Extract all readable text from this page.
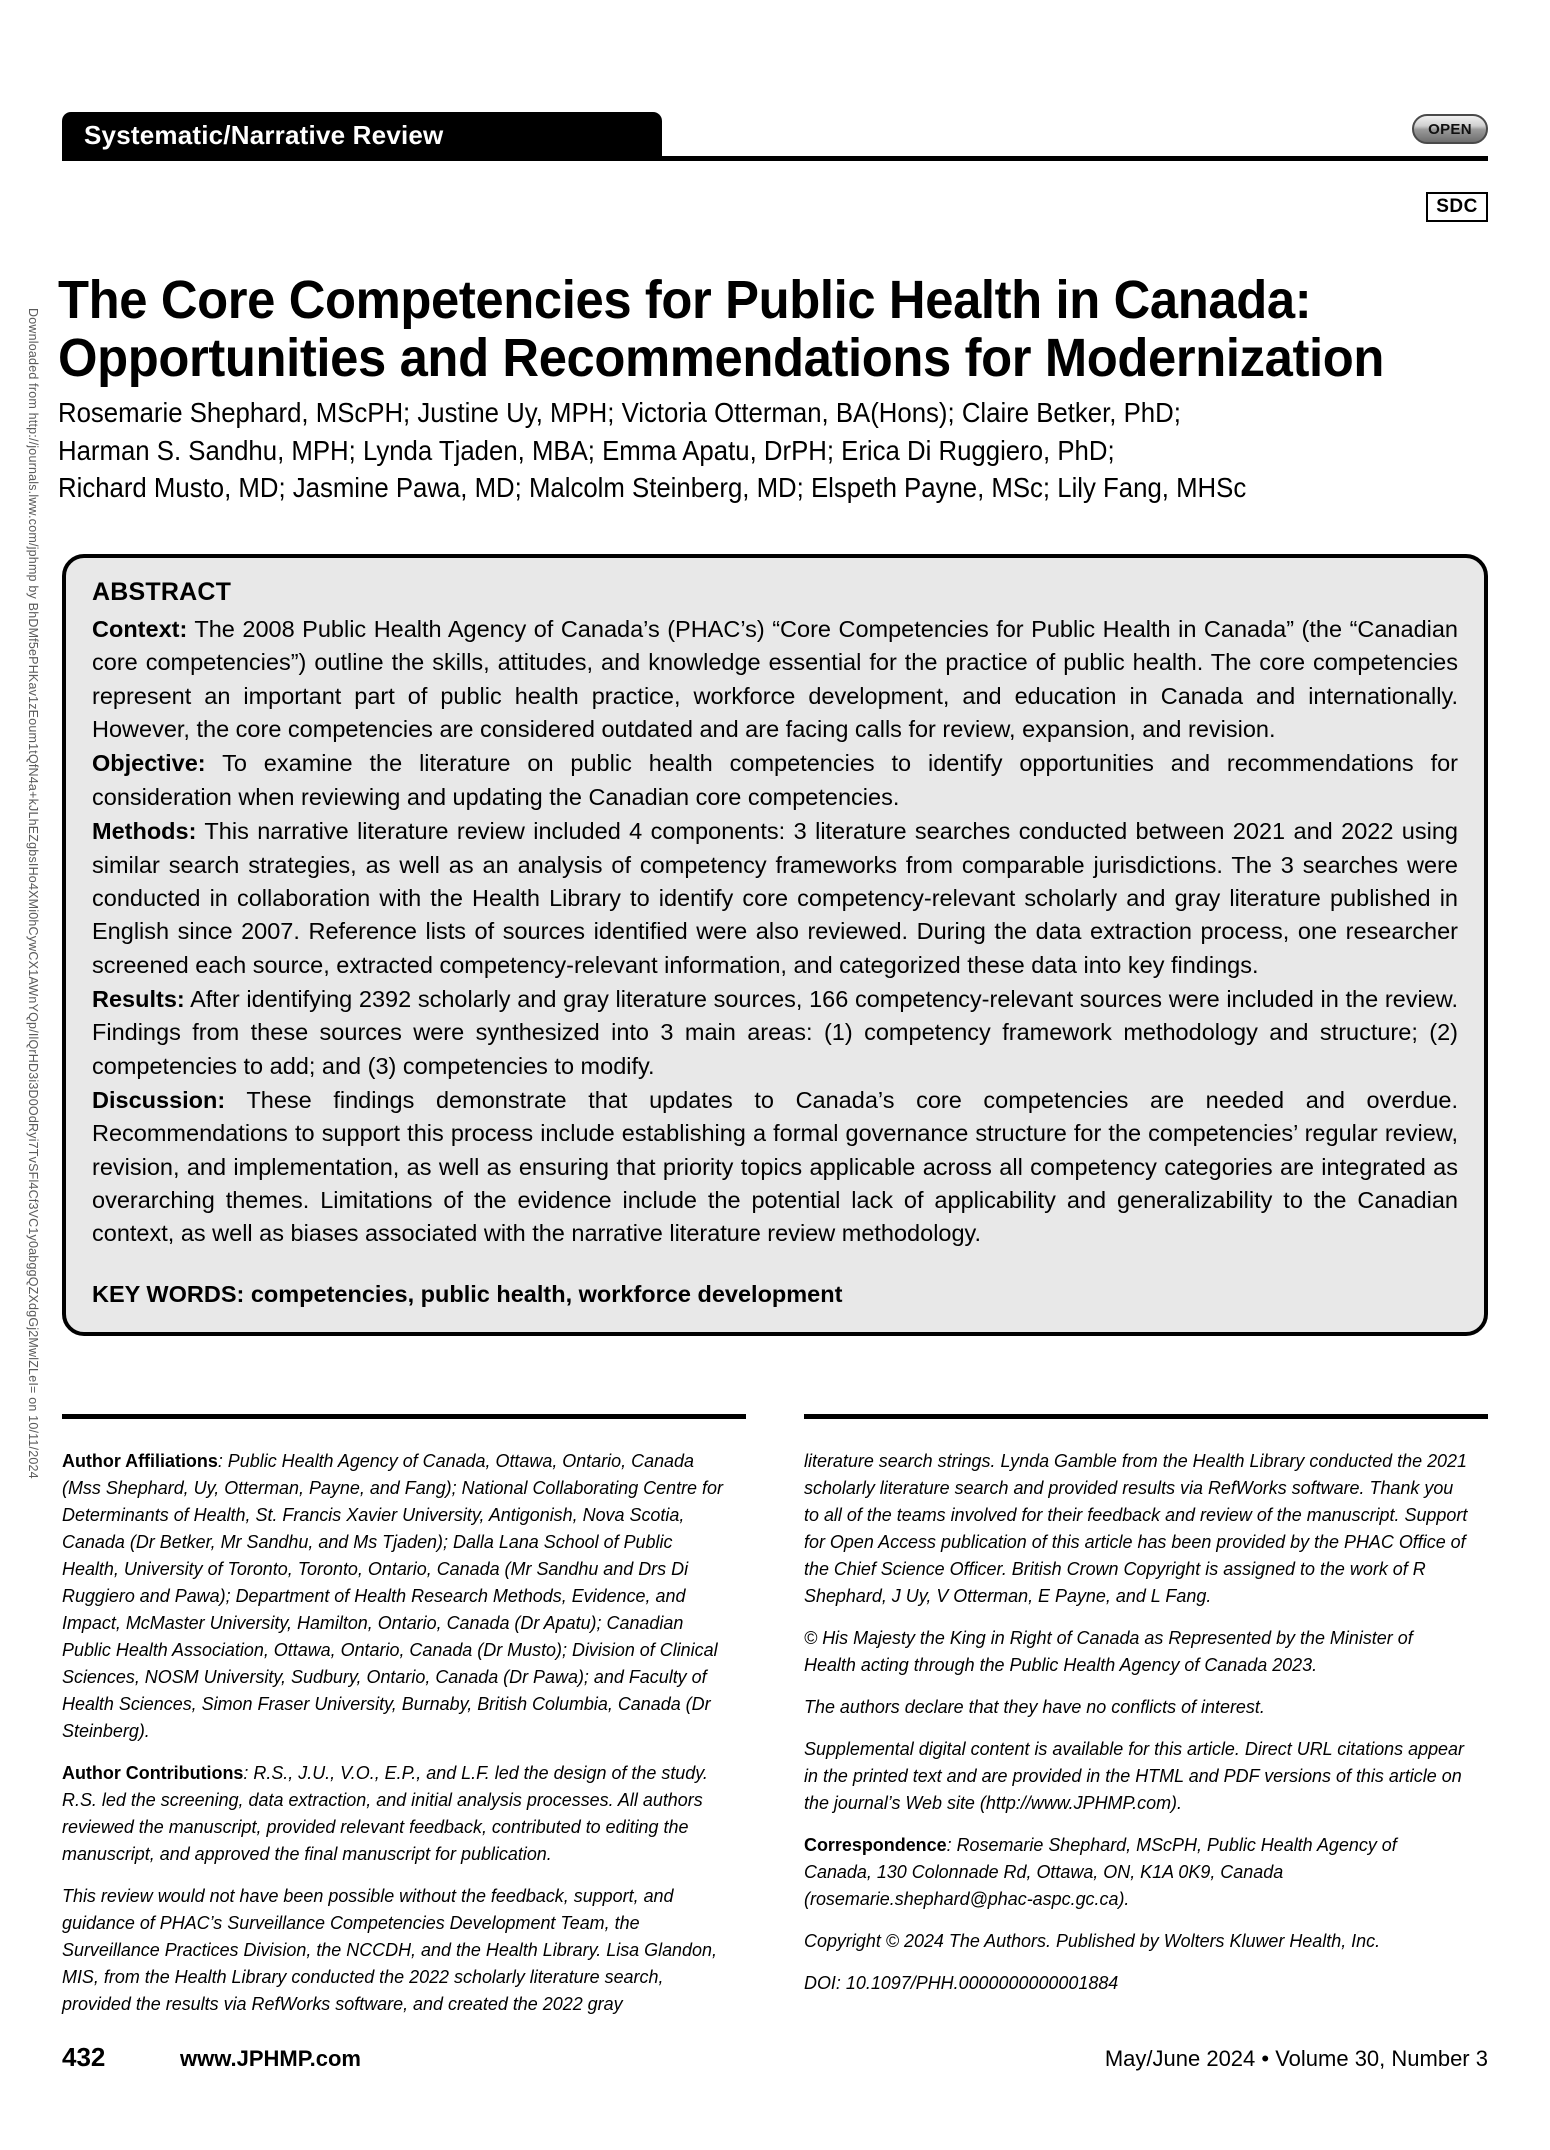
Downloaded from http://journals.lww.com/jphmp by BhDMf5ePHKav1zEoum1tQfN4a+kJLhEZgbsIHo4XMi0hCywCX1AWnYQp/IlQrHD3i3D0OdRyi7TvSFl4Cf3VC1y0abggQZXdgGj2MwlZLeI= on 10/11/2024
Systematic/Narrative Review	OPEN
SDC
The Core Competencies for Public Health in Canada:
Opportunities and Recommendations for Modernization
Rosemarie Shephard, MScPH; Justine Uy, MPH; Victoria Otterman, BA(Hons); Claire Betker, PhD;
Harman S. Sandhu, MPH; Lynda Tjaden, MBA; Emma Apatu, DrPH; Erica Di Ruggiero, PhD;
Richard Musto, MD; Jasmine Pawa, MD; Malcolm Steinberg, MD; Elspeth Payne, MSc; Lily Fang, MHSc
ABSTRACT

Context: The 2008 Public Health Agency of Canada’s (PHAC’s) “Core Competencies for Public Health in Canada” (the “Canadian core competencies”) outline the skills, attitudes, and knowledge essential for the practice of public health. The core competencies represent an important part of public health practice, workforce development, and education in Canada and internationally. However, the core competencies are considered outdated and are facing calls for review, expansion, and revision.

Objective: To examine the literature on public health competencies to identify opportunities and recommendations for consideration when reviewing and updating the Canadian core competencies.

Methods: This narrative literature review included 4 components: 3 literature searches conducted between 2021 and 2022 using similar search strategies, as well as an analysis of competency frameworks from comparable jurisdictions. The 3 searches were conducted in collaboration with the Health Library to identify core competency-relevant scholarly and gray literature published in English since 2007. Reference lists of sources identified were also reviewed. During the data extraction process, one researcher screened each source, extracted competency-relevant information, and categorized these data into key findings.

Results: After identifying 2392 scholarly and gray literature sources, 166 competency-relevant sources were included in the review. Findings from these sources were synthesized into 3 main areas: (1) competency framework methodology and structure; (2) competencies to add; and (3) competencies to modify.

Discussion: These findings demonstrate that updates to Canada’s core competencies are needed and overdue. Recommendations to support this process include establishing a formal governance structure for the competencies’ regular review, revision, and implementation, as well as ensuring that priority topics applicable across all competency categories are integrated as overarching themes. Limitations of the evidence include the potential lack of applicability and generalizability to the Canadian context, as well as biases associated with the narrative literature review methodology.

KEY WORDS: competencies, public health, workforce development

Author Affiliations: Public Health Agency of Canada, Ottawa, Ontario, Canada (Mss Shephard, Uy, Otterman, Payne, and Fang); National Collaborating Centre for Determinants of Health, St. Francis Xavier University, Antigonish, Nova Scotia, Canada (Dr Betker, Mr Sandhu, and Ms Tjaden); Dalla Lana School of Public Health, University of Toronto, Toronto, Ontario, Canada (Mr Sandhu and Drs Di Ruggiero and Pawa); Department of Health Research Methods, Evidence, and Impact, McMaster University, Hamilton, Ontario, Canada (Dr Apatu); Canadian Public Health Association, Ottawa, Ontario, Canada (Dr Musto); Division of Clinical Sciences, NOSM University, Sudbury, Ontario, Canada (Dr Pawa); and Faculty of Health Sciences, Simon Fraser University, Burnaby, British Columbia, Canada (Dr Steinberg).

Author Contributions: R.S., J.U., V.O., E.P., and L.F. led the design of the study. R.S. led the screening, data extraction, and initial analysis processes. All authors reviewed the manuscript, provided relevant feedback, contributed to editing the manuscript, and approved the final manuscript for publication.

This review would not have been possible without the feedback, support, and guidance of PHAC’s Surveillance Competencies Development Team, the Surveillance Practices Division, the NCCDH, and the Health Library. Lisa Glandon, MIS, from the Health Library conducted the 2022 scholarly literature search, provided the results via RefWorks software, and created the 2022 gray

literature search strings. Lynda Gamble from the Health Library conducted the 2021 scholarly literature search and provided results via RefWorks software. Thank you to all of the teams involved for their feedback and review of the manuscript. Support for Open Access publication of this article has been provided by the PHAC Office of the Chief Science Officer. British Crown Copyright is assigned to the work of R Shephard, J Uy, V Otterman, E Payne, and L Fang.

© His Majesty the King in Right of Canada as Represented by the Minister of Health acting through the Public Health Agency of Canada 2023.

The authors declare that they have no conflicts of interest.

Supplemental digital content is available for this article. Direct URL citations appear in the printed text and are provided in the HTML and PDF versions of this article on the journal’s Web site (http://www.JPHMP.com).

Correspondence: Rosemarie Shephard, MScPH, Public Health Agency of Canada, 130 Colonnade Rd, Ottawa, ON, K1A 0K9, Canada (rosemarie.shephard@phac-aspc.gc.ca).

Copyright © 2024 The Authors. Published by Wolters Kluwer Health, Inc.

DOI: 10.1097/PHH.0000000000001884

432	www.JPHMP.com	May/June 2024 • Volume 30, Number 3
